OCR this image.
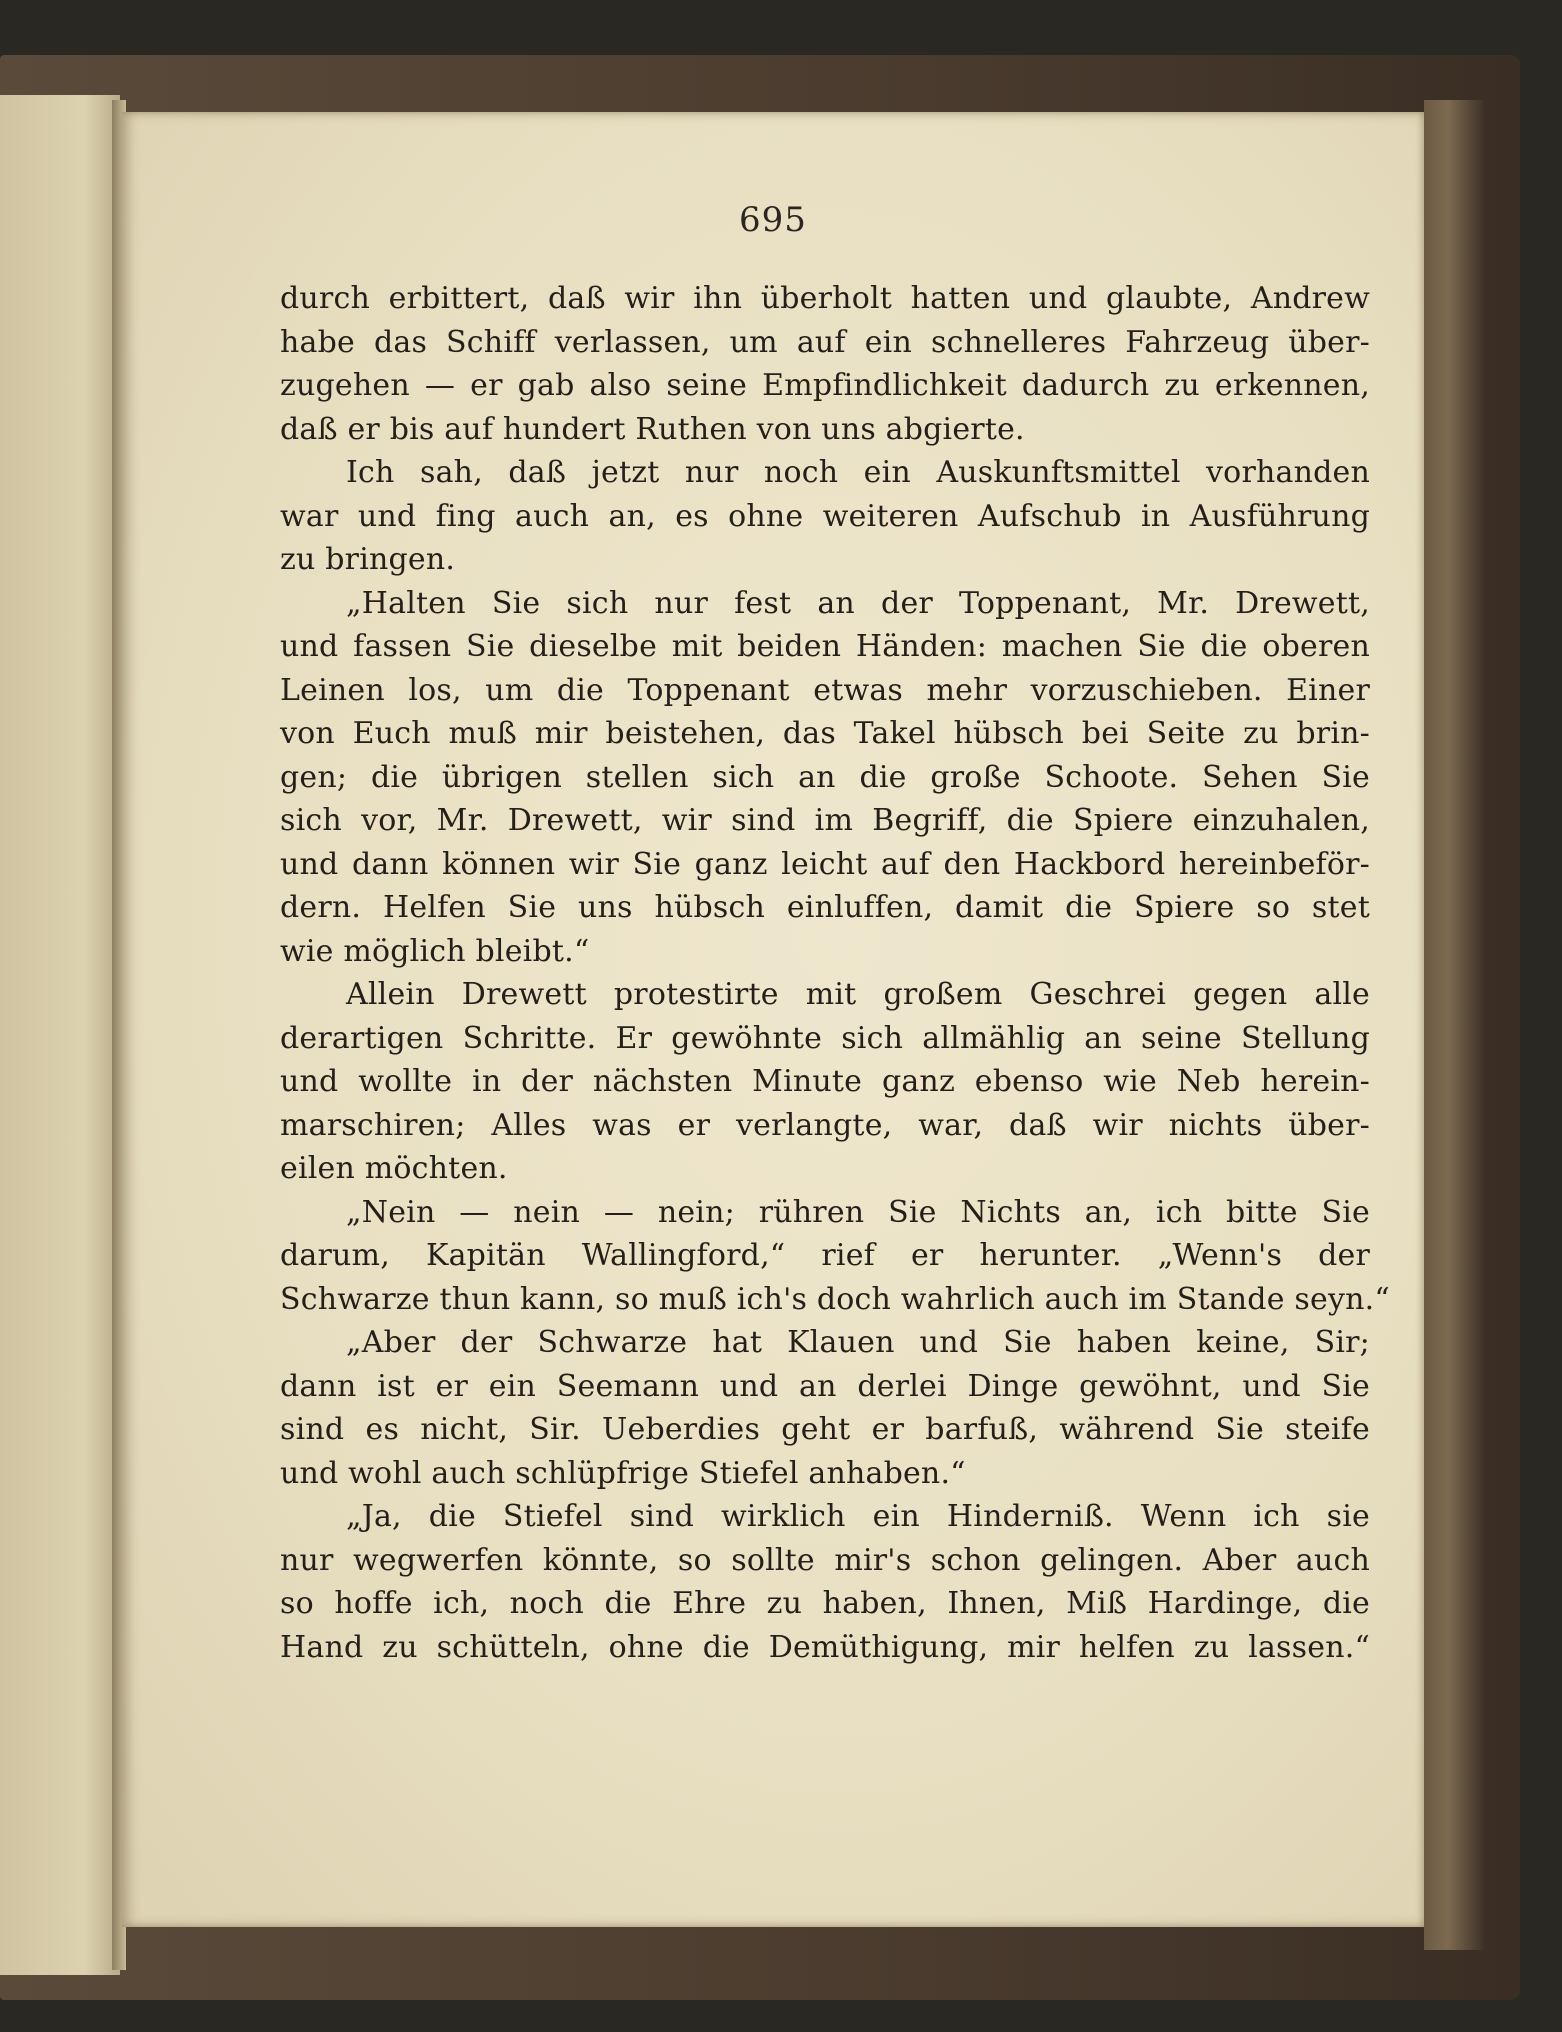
695
durch erbittert, daß wir ihn überholt hatten und glaubte, Andrew
habe das Schiff verlassen, um auf ein schnelleres Fahrzeug über-
zugehen — er gab also seine Empfindlichkeit dadurch zu erkennen,
daß er bis auf hundert Ruthen von uns abgierte.
Ich sah, daß jetzt nur noch ein Auskunftsmittel vorhanden
war und fing auch an, es ohne weiteren Aufschub in Ausführung
zu bringen.
„Halten Sie sich nur fest an der Toppenant, Mr. Drewett,
und fassen Sie dieselbe mit beiden Händen: machen Sie die oberen
Leinen los, um die Toppenant etwas mehr vorzuschieben. Einer
von Euch muß mir beistehen, das Takel hübsch bei Seite zu brin-
gen; die übrigen stellen sich an die große Schoote. Sehen Sie
sich vor, Mr. Drewett, wir sind im Begriff, die Spiere einzuhalen,
und dann können wir Sie ganz leicht auf den Hackbord hereinbeför-
dern. Helfen Sie uns hübsch einluffen, damit die Spiere so stet
wie möglich bleibt.“
Allein Drewett protestirte mit großem Geschrei gegen alle
derartigen Schritte. Er gewöhnte sich allmählig an seine Stellung
und wollte in der nächsten Minute ganz ebenso wie Neb herein-
marschiren; Alles was er verlangte, war, daß wir nichts über-
eilen möchten.
„Nein — nein — nein; rühren Sie Nichts an, ich bitte Sie
darum, Kapitän Wallingford,“ rief er herunter. „Wenn's der
Schwarze thun kann, so muß ich's doch wahrlich auch im Stande seyn.“
„Aber der Schwarze hat Klauen und Sie haben keine, Sir;
dann ist er ein Seemann und an derlei Dinge gewöhnt, und Sie
sind es nicht, Sir. Ueberdies geht er barfuß, während Sie steife
und wohl auch schlüpfrige Stiefel anhaben.“
„Ja, die Stiefel sind wirklich ein Hinderniß. Wenn ich sie
nur wegwerfen könnte, so sollte mir's schon gelingen. Aber auch
so hoffe ich, noch die Ehre zu haben, Ihnen, Miß Hardinge, die
Hand zu schütteln, ohne die Demüthigung, mir helfen zu lassen.“
